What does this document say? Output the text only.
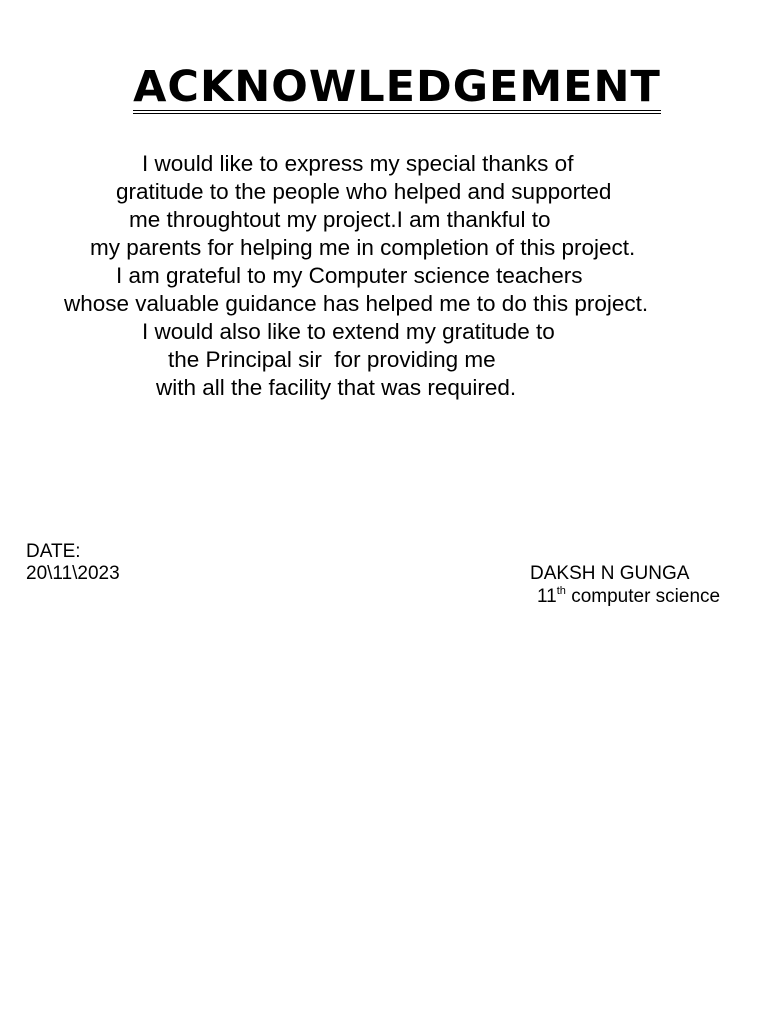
ACKNOWLEDGEMENT
I would like to express my special thanks of
gratitude to the people who helped and supported
me throughtout my project.I am thankful to
my parents for helping me in completion of this project.
I am grateful to my Computer science teachers
whose valuable guidance has helped me to do this project.
I would also like to extend my gratitude to
the Principal sir  for providing me
with all the facility that was required.
DATE:
20\11\2023	DAKSH N GUNGA
11th computer science
